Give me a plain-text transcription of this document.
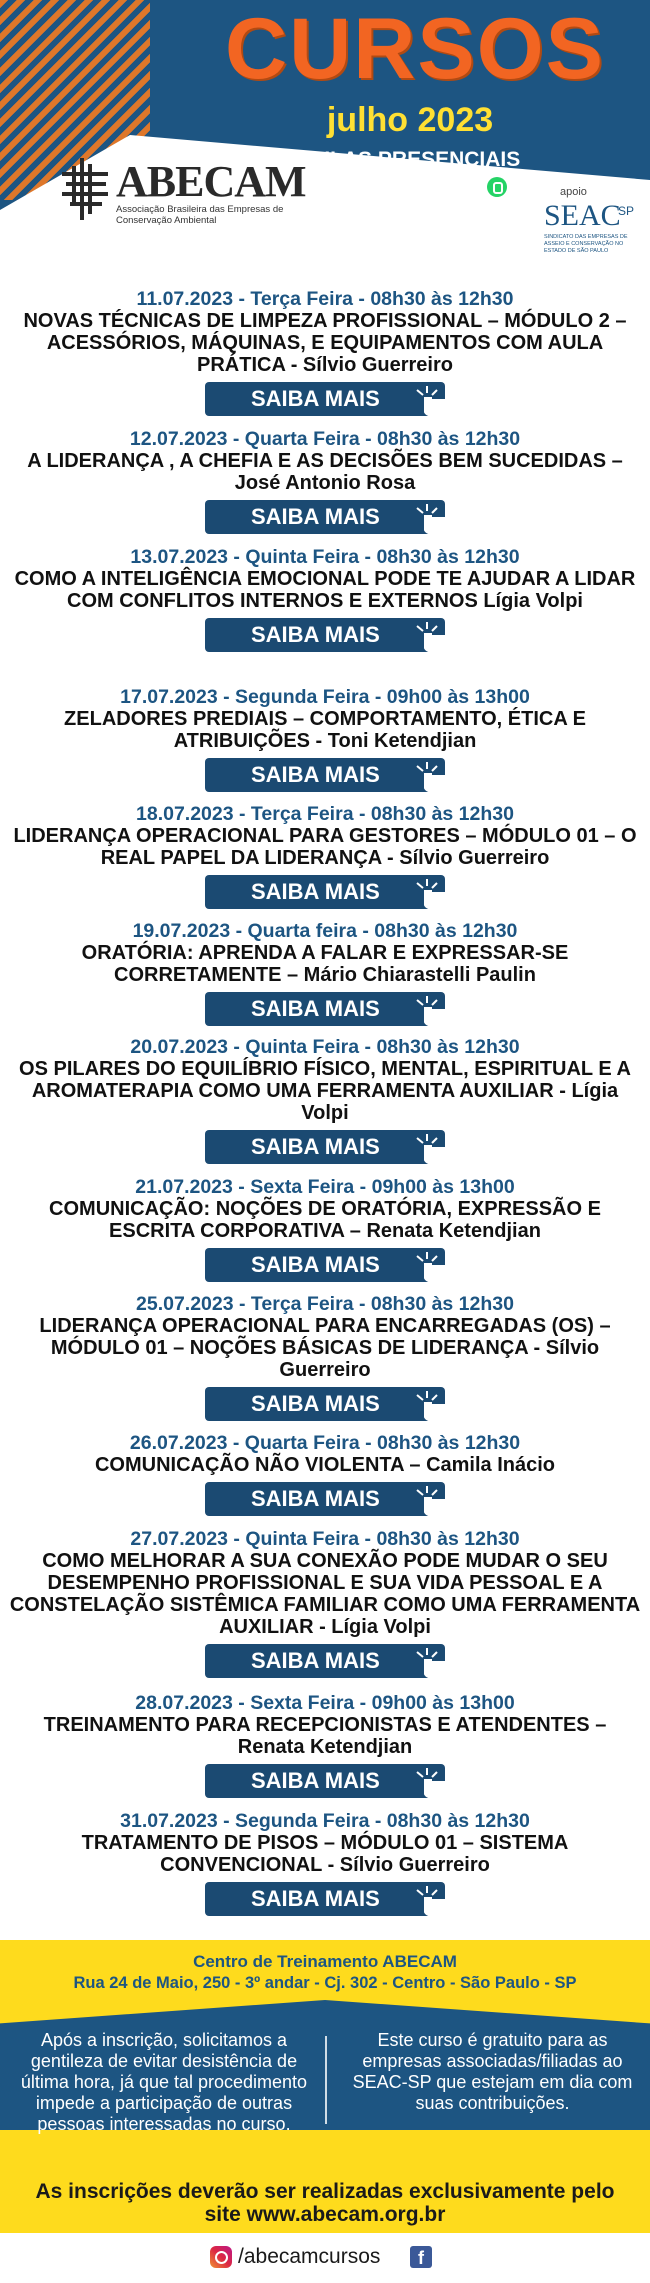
CURSOS
julho 2023
AULAS PRESENCIAIS
11 94210-7392
ABECAM
Associação Brasileira das Empresas de Conservação Ambiental
apoio
SEAC
SP
SINDICATO DAS EMPRESAS DE ASSEIO E CONSERVAÇÃO NO ESTADO DE SÃO PAULO
11.07.2023 - Terça Feira - 08h30 às 12h30
NOVAS TÉCNICAS DE LIMPEZA PROFISSIONAL – MÓDULO 2 – ACESSÓRIOS, MÁQUINAS, E EQUIPAMENTOS COM AULA PRÁTICA - Sílvio Guerreiro
SAIBA MAIS
12.07.2023 - Quarta Feira - 08h30 às 12h30
A LIDERANÇA , A CHEFIA E AS DECISÕES BEM SUCEDIDAS – José Antonio Rosa
SAIBA MAIS
13.07.2023 - Quinta Feira - 08h30 às 12h30
COMO A INTELIGÊNCIA EMOCIONAL PODE TE AJUDAR A LIDAR COM CONFLITOS INTERNOS E EXTERNOS Lígia Volpi
SAIBA MAIS
17.07.2023 - Segunda Feira - 09h00 às 13h00
ZELADORES PREDIAIS – COMPORTAMENTO, ÉTICA E ATRIBUIÇÕES - Toni Ketendjian
SAIBA MAIS
18.07.2023 - Terça Feira - 08h30 às 12h30
LIDERANÇA OPERACIONAL PARA GESTORES – MÓDULO 01 – O REAL PAPEL DA LIDERANÇA - Sílvio Guerreiro
SAIBA MAIS
19.07.2023 - Quarta feira - 08h30 às 12h30
ORATÓRIA: APRENDA A FALAR E EXPRESSAR-SE CORRETAMENTE – Mário Chiarastelli Paulin
SAIBA MAIS
20.07.2023 - Quinta Feira - 08h30 às 12h30
OS PILARES DO EQUILÍBRIO FÍSICO, MENTAL, ESPIRITUAL E A AROMATERAPIA COMO UMA FERRAMENTA AUXILIAR - Lígia Volpi
SAIBA MAIS
21.07.2023 - Sexta Feira - 09h00 às 13h00
COMUNICAÇÃO: NOÇÕES DE ORATÓRIA, EXPRESSÃO E ESCRITA CORPORATIVA – Renata Ketendjian
SAIBA MAIS
25.07.2023 - Terça Feira - 08h30 às 12h30
LIDERANÇA OPERACIONAL PARA ENCARREGADAS (OS) – MÓDULO 01 – NOÇÕES BÁSICAS DE LIDERANÇA - Sílvio Guerreiro
SAIBA MAIS
26.07.2023 - Quarta Feira - 08h30 às 12h30
COMUNICAÇÃO NÃO VIOLENTA – Camila Inácio
SAIBA MAIS
27.07.2023 - Quinta Feira - 08h30 às 12h30
COMO MELHORAR A SUA CONEXÃO PODE MUDAR O SEU DESEMPENHO PROFISSIONAL E SUA VIDA PESSOAL E A CONSTELAÇÃO SISTÊMICA FAMILIAR COMO UMA FERRAMENTA AUXILIAR - Lígia Volpi
SAIBA MAIS
28.07.2023 - Sexta Feira - 09h00 às 13h00
TREINAMENTO PARA RECEPCIONISTAS E ATENDENTES – Renata Ketendjian
SAIBA MAIS
31.07.2023 - Segunda Feira - 08h30 às 12h30
TRATAMENTO DE PISOS – MÓDULO 01 – SISTEMA CONVENCIONAL - Sílvio Guerreiro
SAIBA MAIS
Centro de Treinamento ABECAM
Rua 24 de Maio, 250 - 3º andar - Cj. 302 - Centro - São Paulo - SP
Após a inscrição, solicitamos a gentileza de evitar desistência de última hora, já que tal procedimento impede a participação de outras pessoas interessadas no curso.
Este curso é gratuito para as empresas associadas/filiadas ao SEAC-SP que estejam em dia com suas contribuições.
As inscrições deverão ser realizadas exclusivamente pelo site www.abecam.org.br
/abecamcursos	f
